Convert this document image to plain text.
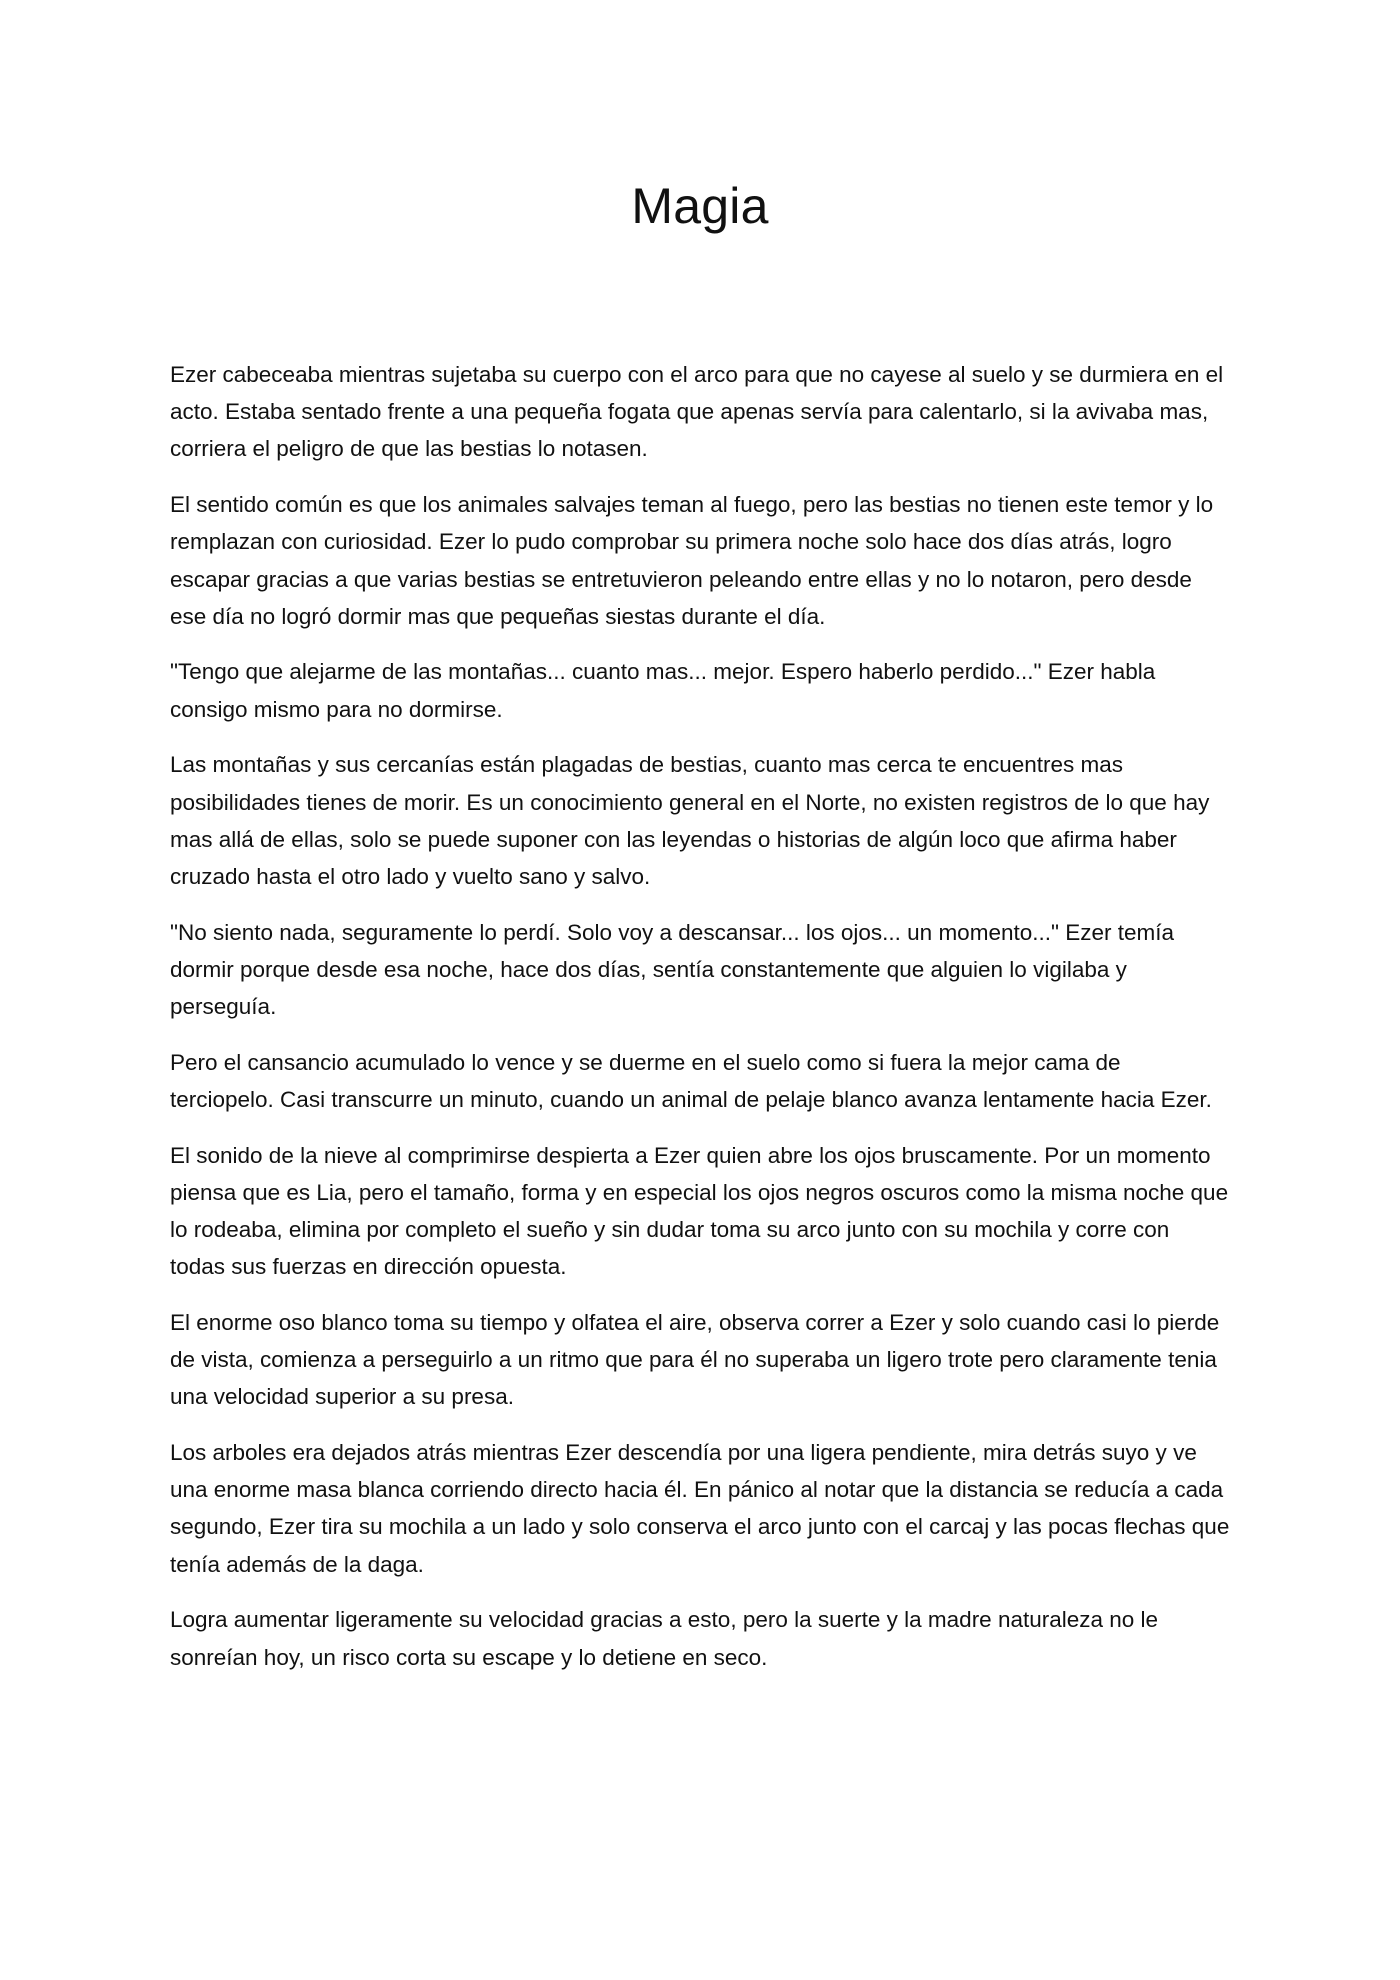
Magia

Ezer cabeceaba mientras sujetaba su cuerpo con el arco para que no cayese al suelo y se durmiera en el acto. Estaba sentado frente a una pequeña fogata que apenas servía para calentarlo, si la avivaba mas, corriera el peligro de que las bestias lo notasen.

El sentido común es que los animales salvajes teman al fuego, pero las bestias no tienen este temor y lo remplazan con curiosidad. Ezer lo pudo comprobar su primera noche solo hace dos días atrás, logro escapar gracias a que varias bestias se entretuvieron peleando entre ellas y no lo notaron, pero desde ese día no logró dormir mas que pequeñas siestas durante el día.

"Tengo que alejarme de las montañas... cuanto mas... mejor. Espero haberlo perdido..." Ezer habla consigo mismo para no dormirse.

Las montañas y sus cercanías están plagadas de bestias, cuanto mas cerca te encuentres mas posibilidades tienes de morir. Es un conocimiento general en el Norte, no existen registros de lo que hay mas allá de ellas, solo se puede suponer con las leyendas o historias de algún loco que afirma haber cruzado hasta el otro lado y vuelto sano y salvo.

"No siento nada, seguramente lo perdí. Solo voy a descansar... los ojos... un momento..." Ezer temía dormir porque desde esa noche, hace dos días, sentía constantemente que alguien lo vigilaba y perseguía.

Pero el cansancio acumulado lo vence y se duerme en el suelo como si fuera la mejor cama de terciopelo. Casi transcurre un minuto, cuando un animal de pelaje blanco avanza lentamente hacia Ezer.

El sonido de la nieve al comprimirse despierta a Ezer quien abre los ojos bruscamente. Por un momento piensa que es Lia, pero el tamaño, forma y en especial los ojos negros oscuros como la misma noche que lo rodeaba, elimina por completo el sueño y sin dudar toma su arco junto con su mochila y corre con todas sus fuerzas en dirección opuesta.

El enorme oso blanco toma su tiempo y olfatea el aire, observa correr a Ezer y solo cuando casi lo pierde de vista, comienza a perseguirlo a un ritmo que para él no superaba un ligero trote pero claramente tenia una velocidad superior a su presa.

Los arboles era dejados atrás mientras Ezer descendía por una ligera pendiente, mira detrás suyo y ve una enorme masa blanca corriendo directo hacia él. En pánico al notar que la distancia se reducía a cada segundo, Ezer tira su mochila a un lado y solo conserva el arco junto con el carcaj y las pocas flechas que tenía además de la daga.

Logra aumentar ligeramente su velocidad gracias a esto, pero la suerte y la madre naturaleza no le sonreían hoy, un risco corta su escape y lo detiene en seco.
